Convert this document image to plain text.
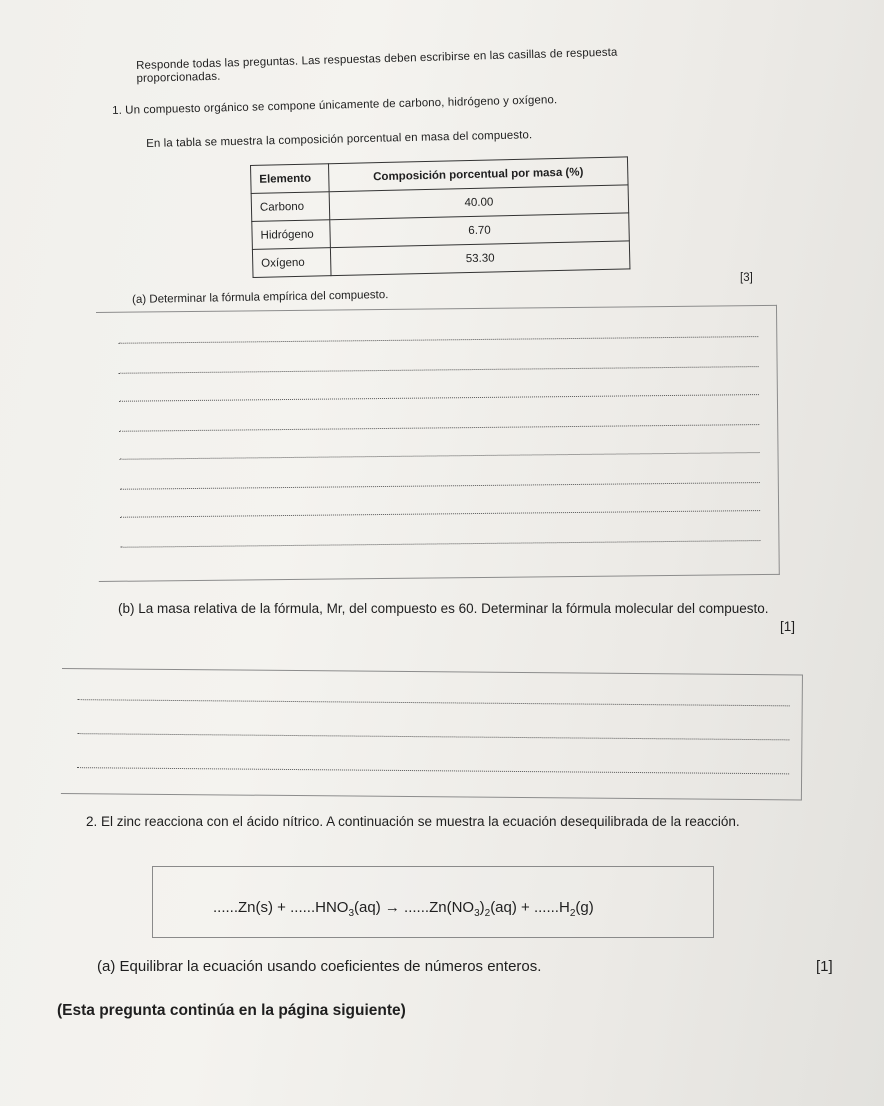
Responde todas las preguntas. Las respuestas deben escribirse en las casillas de respuesta

proporcionadas.

1. Un compuesto orgánico se compone únicamente de carbono, hidrógeno y oxígeno.
En la tabla se muestra la composición porcentual en masa del compuesto.
Elemento	Composición porcentual por masa (%)
Carbono	40.00
Hidrógeno	6.70
Oxígeno	53.30
[3]
(a) Determinar la fórmula empírica del compuesto.
(b) La masa relativa de la fórmula, Mr, del compuesto es 60. Determinar la fórmula molecular del compuesto.
[1]
2. El zinc reacciona con el ácido nítrico. A continuación se muestra la ecuación desequilibrada de la reacción.
$......Zn(s) + ......HNO_3(aq) \to ......Zn(NO_3)_2(aq) + ......H_2(g)$
(a) Equilibrar la ecuación usando coeficientes de números enteros.	[1]
(Esta pregunta continúa en la página siguiente)
